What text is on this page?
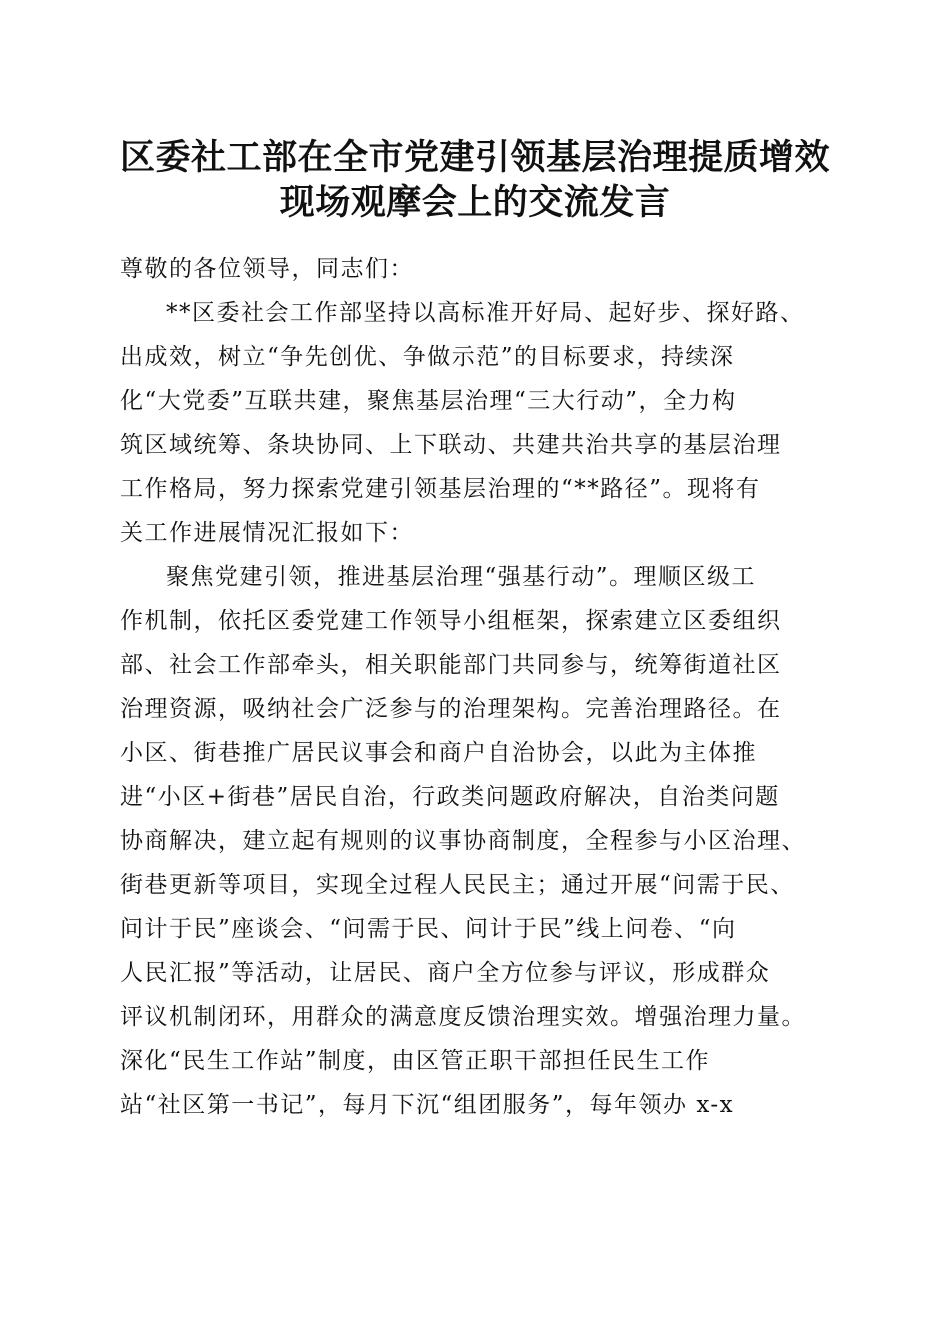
区委社工部在全市党建引领基层治理提质增效
现场观摩会上的交流发言
尊敬的各位领导，同志们：
**区委社会工作部坚持以高标准开好局、起好步、探好路、
出成效，树立“争先创优、争做示范”的目标要求，持续深
化“大党委”互联共建，聚焦基层治理“三大行动”，全力构
筑区域统筹、条块协同、上下联动、共建共治共享的基层治理
工作格局，努力探索党建引领基层治理的“**路径”。现将有
关工作进展情况汇报如下：
聚焦党建引领，推进基层治理“强基行动”。理顺区级工
作机制，依托区委党建工作领导小组框架，探索建立区委组织
部、社会工作部牵头，相关职能部门共同参与，统筹街道社区
治理资源，吸纳社会广泛参与的治理架构。完善治理路径。在
小区、街巷推广居民议事会和商户自治协会，以此为主体推
进“小区+街巷”居民自治，行政类问题政府解决，自治类问题
协商解决，建立起有规则的议事协商制度，全程参与小区治理、
街巷更新等项目，实现全过程人民民主；通过开展“问需于民、
问计于民”座谈会、“问需于民、问计于民”线上问卷、“向
人民汇报”等活动，让居民、商户全方位参与评议，形成群众
评议机制闭环，用群众的满意度反馈治理实效。增强治理力量。
深化“民生工作站”制度，由区管正职干部担任民生工作
站“社区第一书记”，每月下沉“组团服务”，每年领办 x-x
